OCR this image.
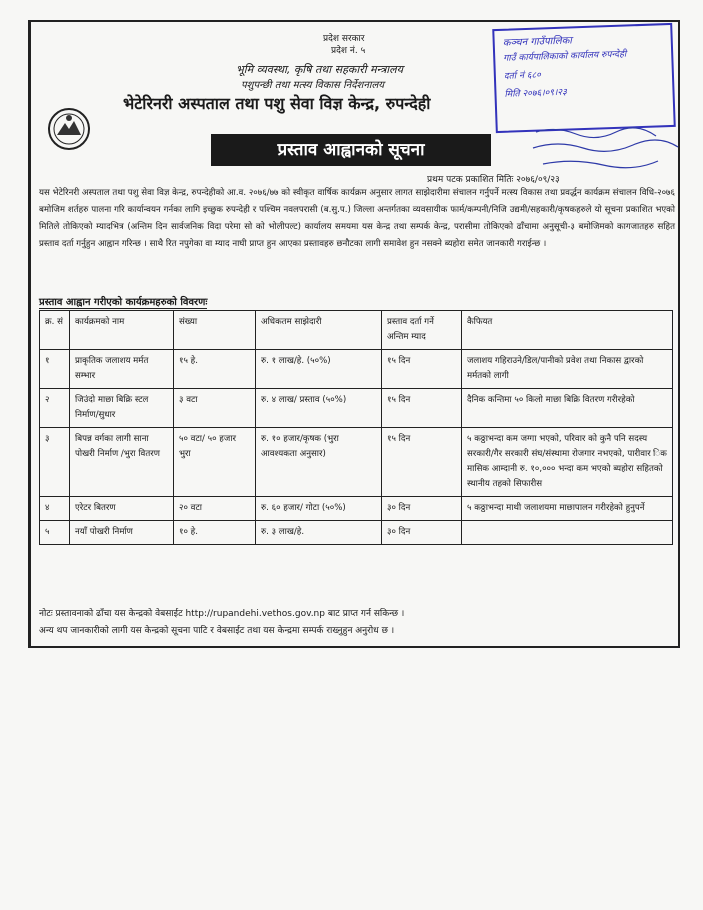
प्रदेश सरकार
प्रदेश नं. ५
भूमि व्यवस्था, कृषि तथा सहकारी मन्त्रालय
पशुपन्छी तथा मत्स्य विकास निर्देशनालय
भेटेरिनरी अस्पताल तथा पशु सेवा विज्ञ केन्द्र, रुपन्देही
प्रस्ताव आह्वानको सूचना
प्रथम पटक प्रकाशित मितिः २०७६/०९/२३
कञ्चन गाउँपालिका
गाउँ कार्यपालिकाको कार्यालय रुपन्देही
दर्ता नं ६८०
मिति २०७६।०९।२३
यस भेटेरिनरी अस्पताल तथा पशु सेवा विज्ञ केन्द्र, रुपन्देहीको आ.व. २०७६/७७ को स्वीकृत वार्षिक कार्यक्रम अनुसार लागत साझेदारीमा संचालन गर्नुपर्ने मत्स्य विकास तथा प्रवर्द्धन कार्यक्रम संचालन विधि-२०७६ बमोजिम शर्तहरु पालना गरि कार्यान्वयन गर्नका लागि इच्छुक रुपन्देही र पश्चिम नवलपरासी (ब.सु.प.) जिल्ला अन्तर्गतका व्यवसायीक फार्म/कम्पनी/निजि उद्यमी/सहकारी/कृषकहरुले यो सूचना प्रकाशित भएको मितिले तोकिएको म्यादभित्र (अन्तिम दिन सार्वजनिक विदा परेमा सो को भोलीपल्ट) कार्यालय समयमा यस केन्द्र तथा सम्पर्क केन्द्र, परासीमा तोकिएको ढाँचामा अनुसूची-३ बमोजिमको कागजातहरु सहित प्रस्ताव दर्ता गर्नुहुन आह्वान गरिन्छ । साथै रित नपुगेका वा म्याद नाघी प्राप्त हुन आएका प्रस्तावहरु छनौटका लागी समावेश हुन नसक्ने ब्यहोरा समेत जानकारी गराईन्छ ।
प्रस्ताव आह्वान गरीएको कार्यक्रमहरुको विवरणः
क्र. सं	कार्यक्रमको नाम	संख्या	अधिकतम साझेदारी	प्रस्ताव दर्ता गर्ने अन्तिम म्याद	कैफियत
१	प्राकृतिक जलाशय मर्मत सम्भार	१५ हे.	रु. १ लाख/हे. (५०%)	१५ दिन	जलाशय गहिराउने/डिल/पानीको प्रवेश तथा निकास द्वारको मर्मतको लागी
२	जिउंदो माछा बिक्रि स्टल निर्माण/सुधार	३ वटा	रु. ४ लाख/ प्रस्ताव (५०%)	१५ दिन	दैनिक कन्तिमा ५० किलो माछा बिक्रि वितरण गरीरहेको
३	बिपन्न वर्गका लागी साना पोखरी निर्माण /भुरा वितरण	५० वटा/ ५० हजार भुरा	रु. १० हजार/कृषक (भुरा आवश्यकता अनुसार)	१५ दिन	५ कठ्ठाभन्दा कम जग्गा भएको, परिवार को कुनै पनि सदस्य सरकारी/गैर सरकारी संघ/संस्थामा रोजगार नभएको, पारीवार िक मासिक आम्दानी रु. १०,००० भन्दा कम भएको ब्यहोरा सहितको स्थानीय तहको सिफारीस
४	एरेटर बितरण	२० वटा	रु. ६० हजार/ गोटा (५०%)	३० दिन	५ कठ्ठाभन्दा माथी जलाशयमा माछापालन गरीरहेको हुनुपर्ने
५	नयाँ पोखरी निर्माण	१० हे.	रु. ३ लाख/हे.	३० दिन	
नोटः प्रस्तावनाको ढाँचा यस केन्द्रको वेबसाईट http://rupandehi.vethos.gov.np बाट प्राप्त गर्न सकिन्छ ।
अन्य थप जानकारीको लागी यस केन्द्रको सूचना पाटि र वेबसाईट तथा यस केन्द्रमा सम्पर्क राख्नुहुन अनुरोध छ ।
